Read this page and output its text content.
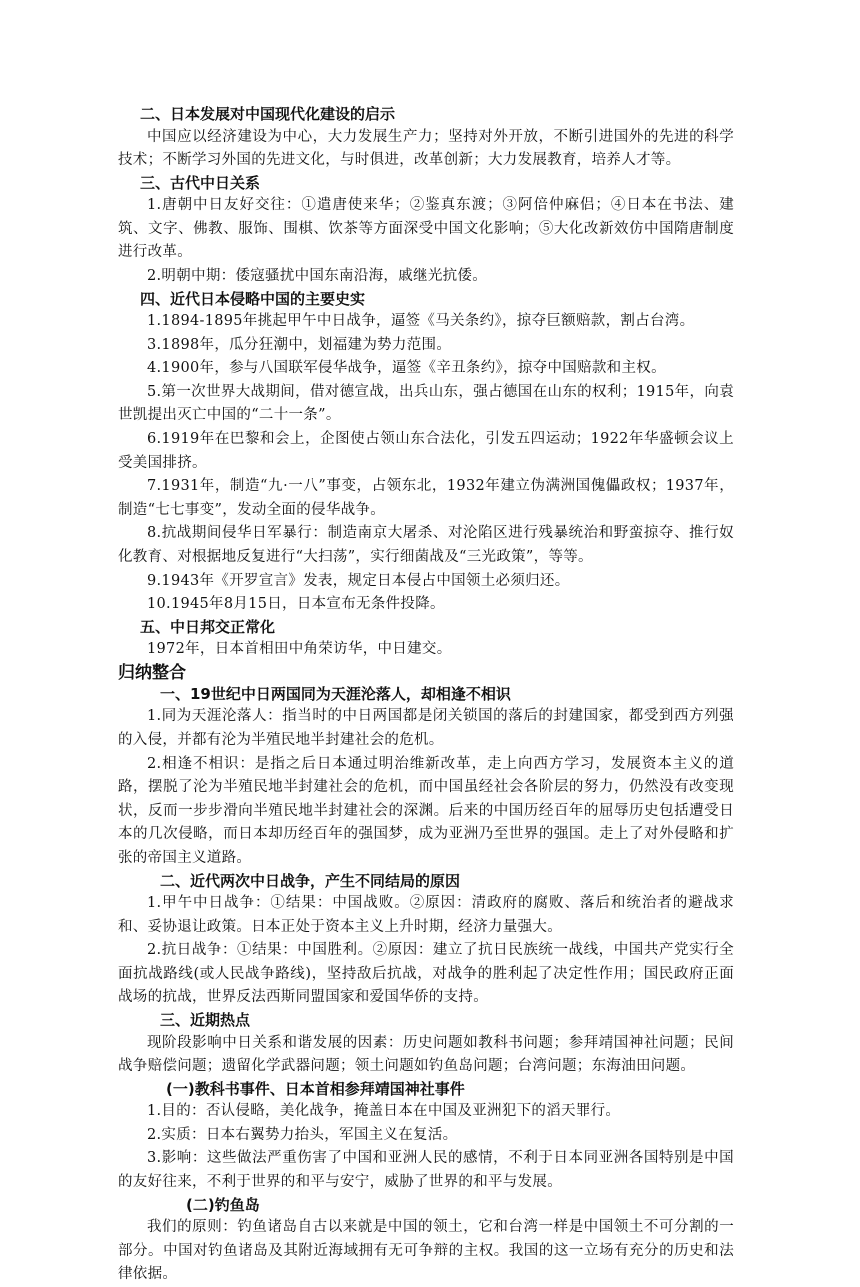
二、日本发展对中国现代化建设的启示

中国应以经济建设为中心，大力发展生产力；坚持对外开放，不断引进国外的先进的科学技术；不断学习外国的先进文化，与时俱进，改革创新；大力发展教育，培养人才等。

三、古代中日关系

1.唐朝中日友好交往：①遣唐使来华；②鉴真东渡；③阿倍仲麻侣；④日本在书法、建筑、文字、佛教、服饰、围棋、饮茶等方面深受中国文化影响；⑤大化改新效仿中国隋唐制度进行改革。

2.明朝中期：倭寇骚扰中国东南沿海，戚继光抗倭。

四、近代日本侵略中国的主要史实

1.1894-1895年挑起甲午中日战争，逼签《马关条约》，掠夺巨额赔款，割占台湾。

3.1898年，瓜分狂潮中，划福建为势力范围。

4.1900年，参与八国联军侵华战争，逼签《辛丑条约》，掠夺中国赔款和主权。

5.第一次世界大战期间，借对德宣战，出兵山东，强占德国在山东的权利；1915年，向袁世凯提出灭亡中国的“二十一条”。

6.1919年在巴黎和会上，企图使占领山东合法化，引发五四运动；1922年华盛顿会议上受美国排挤。

7.1931年，制造“九·一八”事变，占领东北，1932年建立伪满洲国傀儡政权；1937年，制造“七七事变”，发动全面的侵华战争。

8.抗战期间侵华日军暴行：制造南京大屠杀、对沦陷区进行残暴统治和野蛮掠夺、推行奴化教育、对根据地反复进行“大扫荡”，实行细菌战及“三光政策”，等等。

9.1943年《开罗宣言》发表，规定日本侵占中国领土必须归还。

10.1945年8月15日，日本宣布无条件投降。

五、中日邦交正常化

1972年，日本首相田中角荣访华，中日建交。

归纳整合

一、19世纪中日两国同为天涯沦落人，却相逢不相识

1.同为天涯沦落人：指当时的中日两国都是闭关锁国的落后的封建国家，都受到西方列强的入侵，并都有沦为半殖民地半封建社会的危机。

2.相逢不相识：是指之后日本通过明治维新改革，走上向西方学习，发展资本主义的道路，摆脱了沦为半殖民地半封建社会的危机，而中国虽经社会各阶层的努力，仍然没有改变现状，反而一步步滑向半殖民地半封建社会的深渊。后来的中国历经百年的屈辱历史包括遭受日本的几次侵略，而日本却历经百年的强国梦，成为亚洲乃至世界的强国。走上了对外侵略和扩张的帝国主义道路。

二、近代两次中日战争，产生不同结局的原因

1.甲午中日战争：①结果：中国战败。②原因：清政府的腐败、落后和统治者的避战求和、妥协退让政策。日本正处于资本主义上升时期，经济力量强大。

2.抗日战争：①结果：中国胜利。②原因：建立了抗日民族统一战线，中国共产党实行全面抗战路线(或人民战争路线)，坚持敌后抗战，对战争的胜利起了决定性作用；国民政府正面战场的抗战，世界反法西斯同盟国家和爱国华侨的支持。

三、近期热点

现阶段影响中日关系和谐发展的因素：历史问题如教科书问题；参拜靖国神社问题；民间战争赔偿问题；遗留化学武器问题；领土问题如钓鱼岛问题；台湾问题；东海油田问题。

(一)教科书事件、日本首相参拜靖国神社事件

1.目的：否认侵略，美化战争，掩盖日本在中国及亚洲犯下的滔天罪行。

2.实质：日本右翼势力抬头，军国主义在复活。

3.影响：这些做法严重伤害了中国和亚洲人民的感情，不利于日本同亚洲各国特别是中国的友好往来，不利于世界的和平与安宁，威胁了世界的和平与发展。

(二)钓鱼岛

我们的原则：钓鱼诸岛自古以来就是中国的领土，它和台湾一样是中国领土不可分割的一部分。中国对钓鱼诸岛及其附近海域拥有无可争辩的主权。我国的这一立场有充分的历史和法律依据。
